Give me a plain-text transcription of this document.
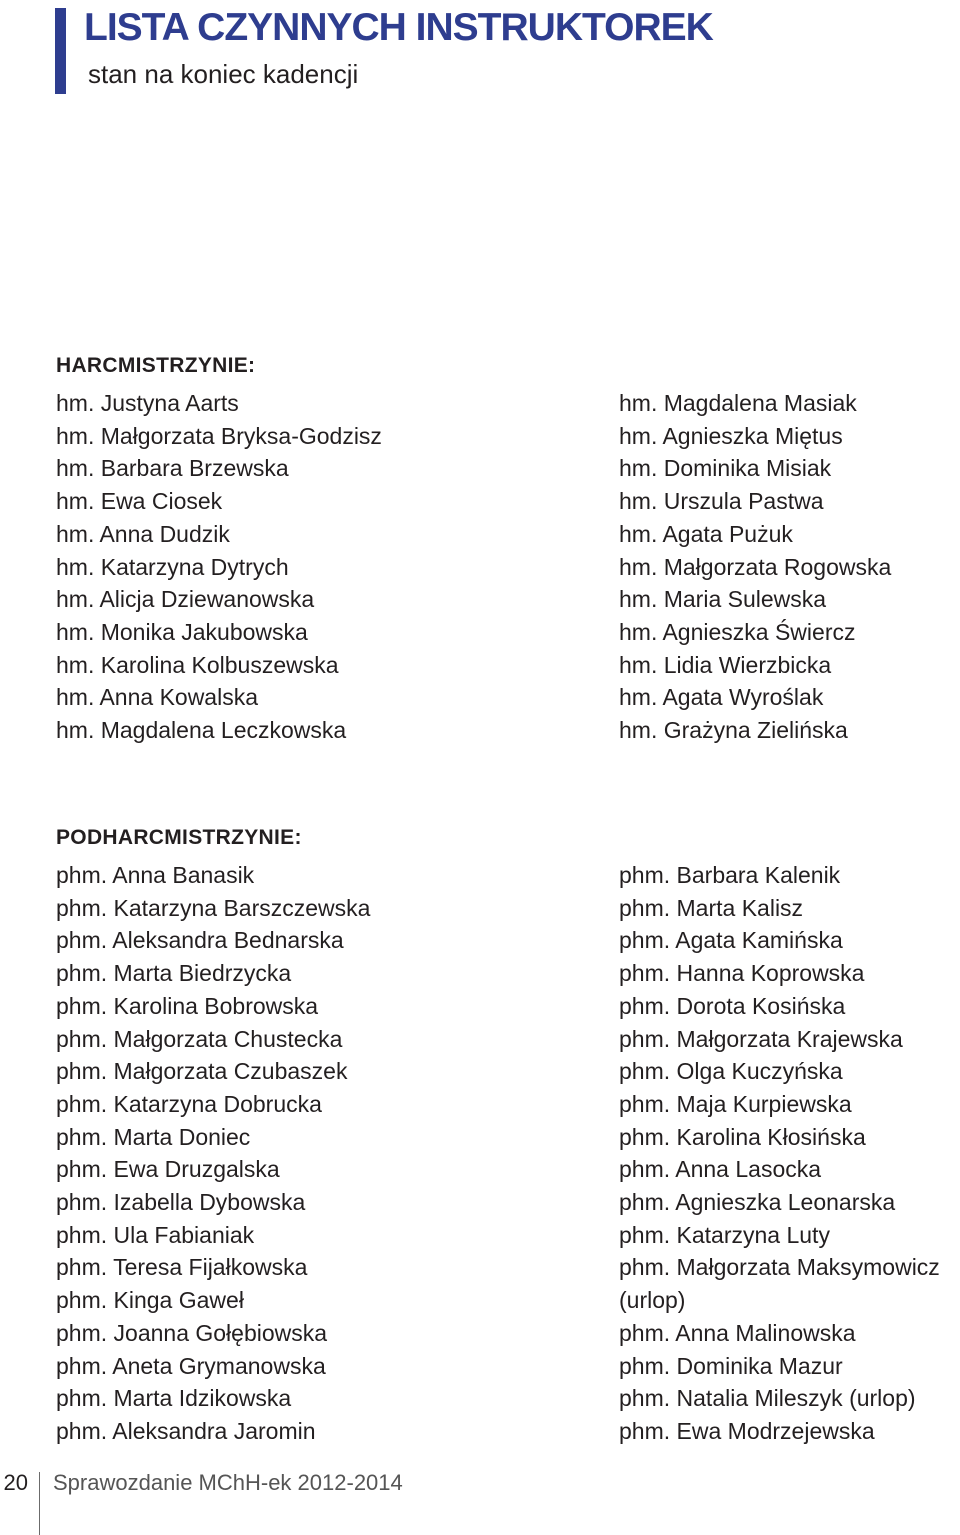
LISTA CZYNNYCH INSTRUKTOREK

stan na koniec kadencji

HARCMISTRZYNIE:
hm. Justyna Aarts
hm. Małgorzata Bryksa-Godzisz
hm. Barbara Brzewska
hm. Ewa Ciosek
hm. Anna Dudzik
hm. Katarzyna Dytrych
hm. Alicja Dziewanowska
hm. Monika Jakubowska
hm. Karolina Kolbuszewska
hm. Anna Kowalska
hm. Magdalena Leczkowska
hm. Magdalena Masiak
hm. Agnieszka Miętus
hm. Dominika Misiak
hm. Urszula Pastwa
hm. Agata Pużuk
hm. Małgorzata Rogowska
hm. Maria Sulewska
hm. Agnieszka Świercz
hm. Lidia Wierzbicka
hm. Agata Wyroślak
hm. Grażyna Zielińska
PODHARCMISTRZYNIE:
phm. Anna Banasik
phm. Katarzyna Barszczewska
phm. Aleksandra Bednarska
phm. Marta Biedrzycka
phm. Karolina Bobrowska
phm. Małgorzata Chustecka
phm. Małgorzata Czubaszek
phm. Katarzyna Dobrucka
phm. Marta Doniec
phm. Ewa Druzgalska
phm. Izabella Dybowska
phm. Ula Fabianiak
phm. Teresa Fijałkowska
phm. Kinga Gaweł
phm. Joanna Gołębiowska
phm. Aneta Grymanowska
phm. Marta Idzikowska
phm. Aleksandra Jaromin
phm. Barbara Kalenik
phm. Marta Kalisz
phm. Agata Kamińska
phm. Hanna Koprowska
phm. Dorota Kosińska
phm. Małgorzata Krajewska
phm. Olga Kuczyńska
phm. Maja Kurpiewska
phm. Karolina Kłosińska
phm. Anna Lasocka
phm. Agnieszka Leonarska
phm. Katarzyna Luty
phm. Małgorzata Maksymowicz
(urlop)
phm. Anna Malinowska
phm. Dominika Mazur
phm. Natalia Mileszyk (urlop)
phm. Ewa Modrzejewska
20 Sprawozdanie MChH-ek 2012-2014
